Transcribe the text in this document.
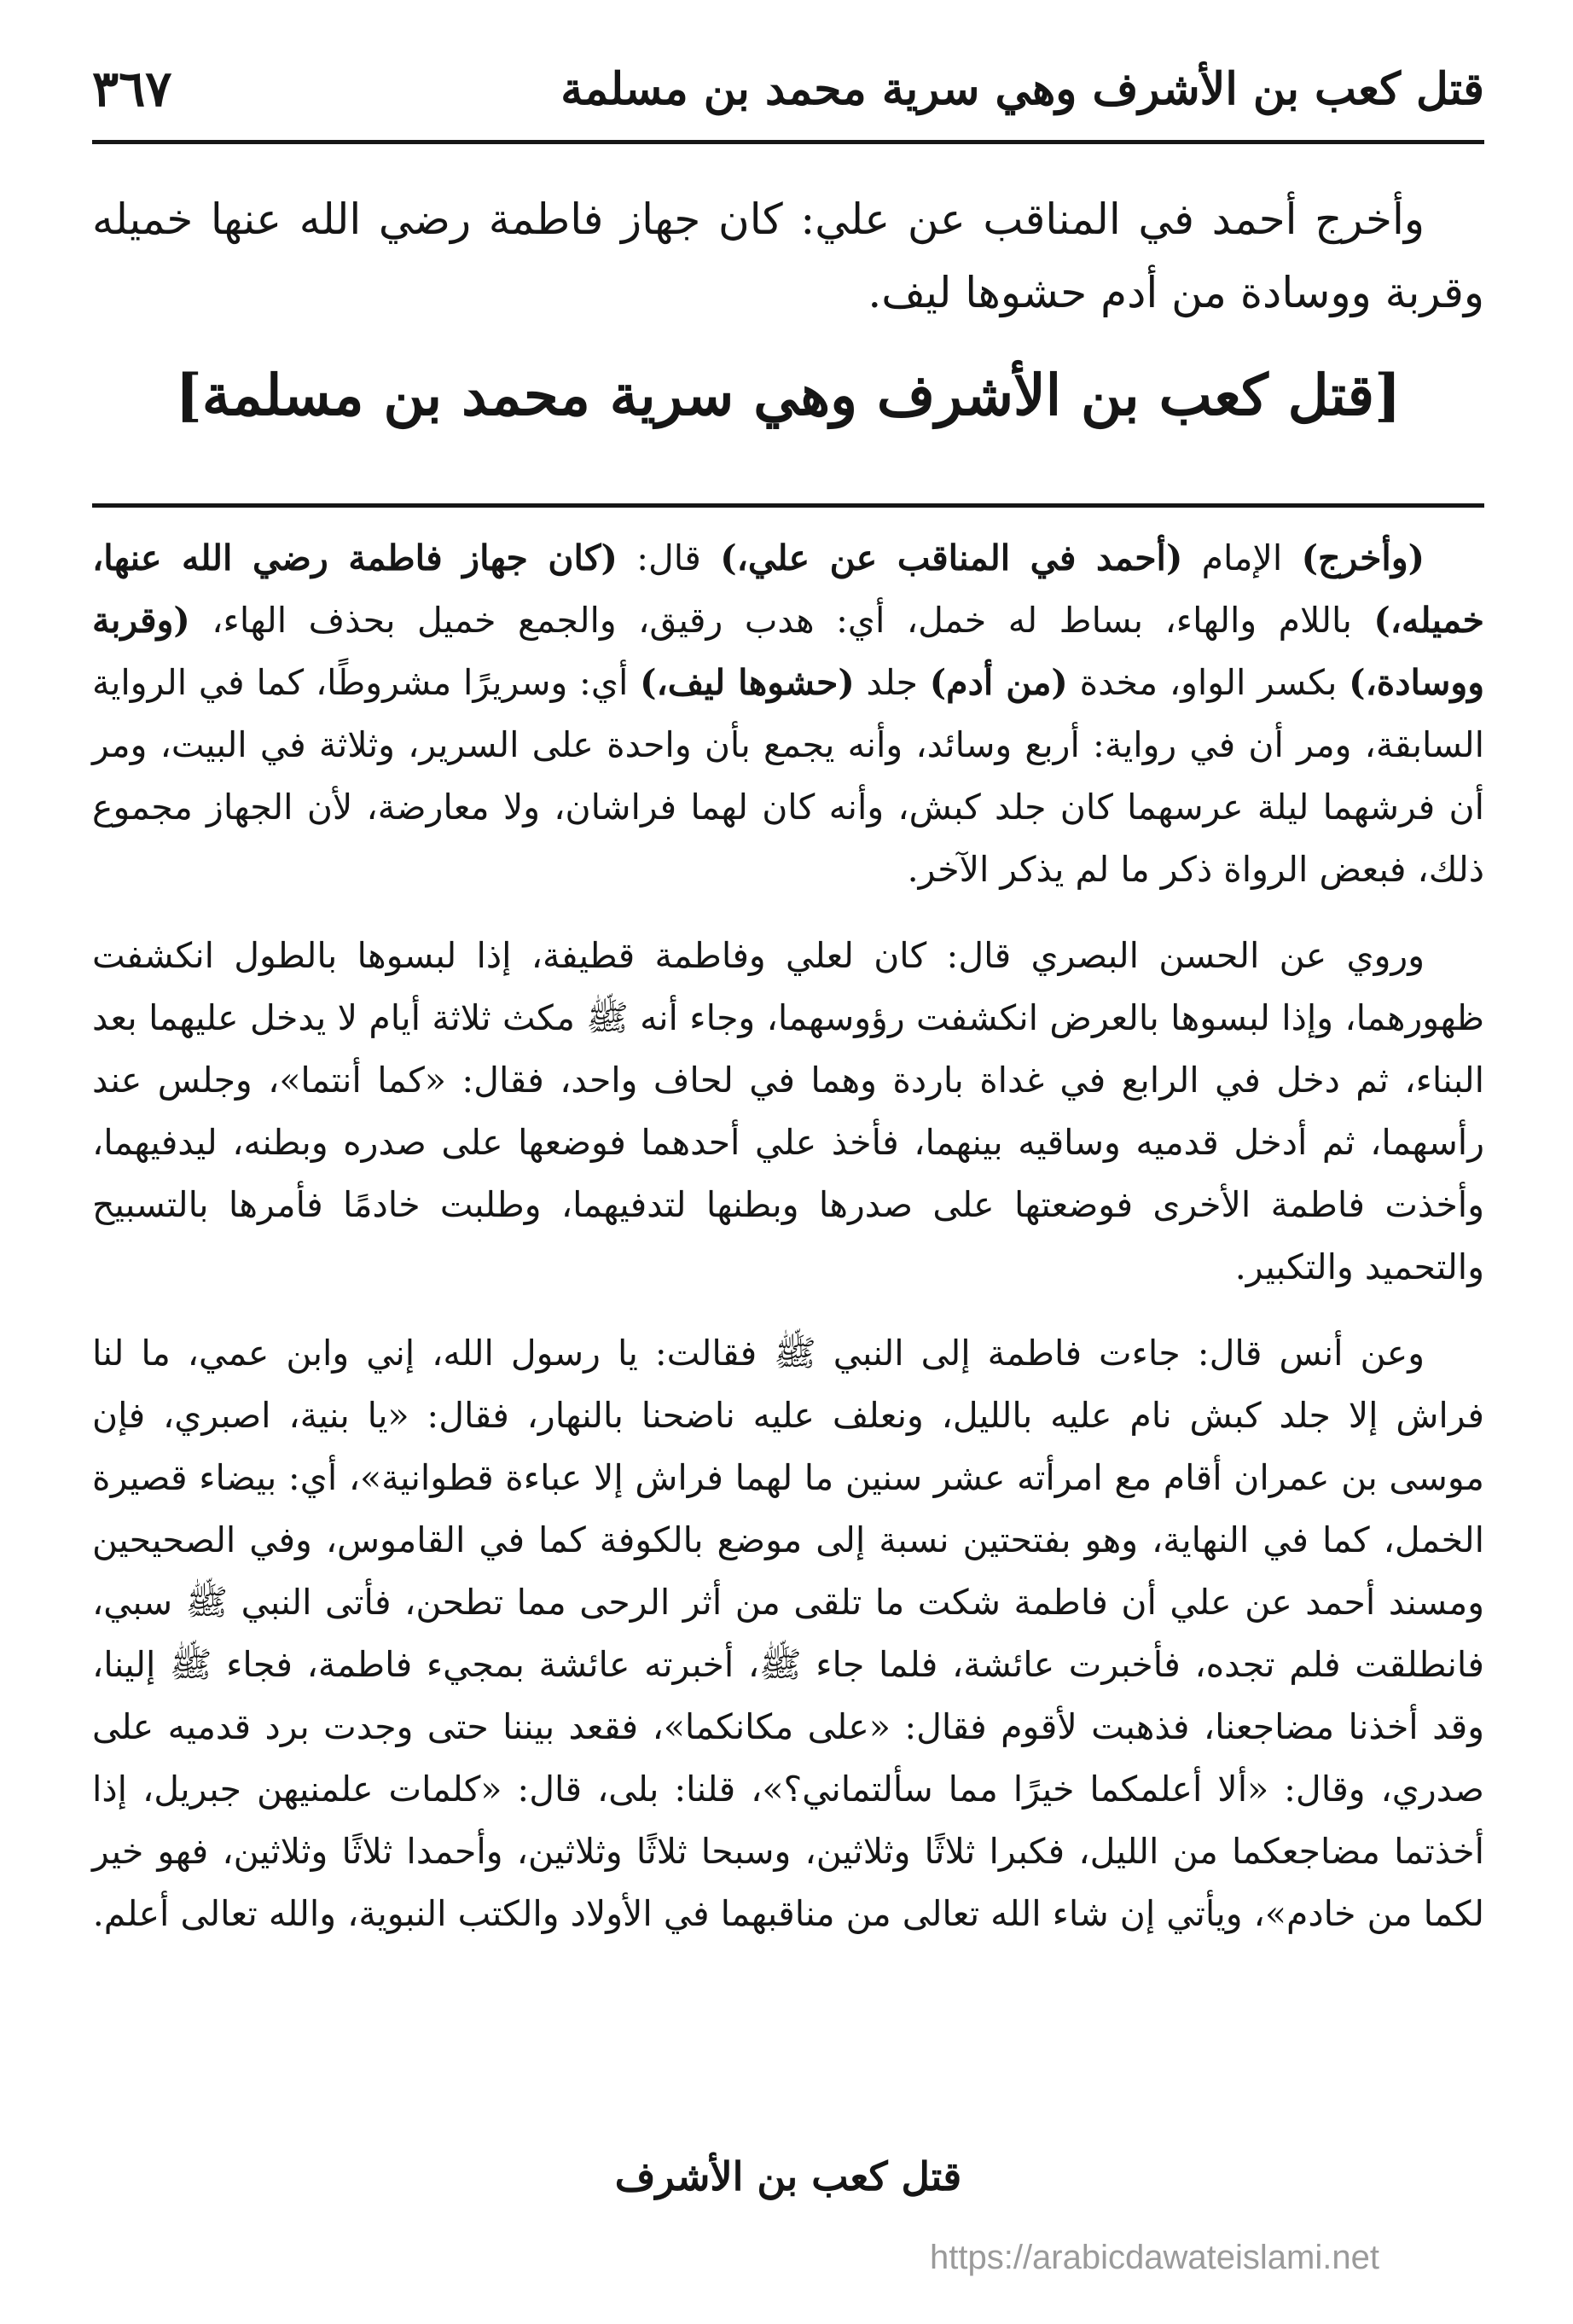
قتل كعب بن الأشرف وهي سرية محمد بن مسلمة
٣٦٧

وأخرج أحمد في المناقب عن علي: كان جهاز فاطمة رضي الله عنها خميله وقربة ووسادة من أدم حشوها ليف.

[قتل كعب بن الأشرف وهي سرية محمد بن مسلمة]

(وأخرج) الإمام (أحمد في المناقب عن علي،) قال: (كان جهاز فاطمة رضي الله عنها، خميله،) باللام والهاء، بساط له خمل، أي: هدب رقيق، والجمع خميل بحذف الهاء، (وقربة ووسادة،) بكسر الواو، مخدة (من أدم) جلد (حشوها ليف،) أي: وسريرًا مشروطًا، كما في الرواية السابقة، ومر أن في رواية: أربع وسائد، وأنه يجمع بأن واحدة على السرير، وثلاثة في البيت، ومر أن فرشهما ليلة عرسهما كان جلد كبش، وأنه كان لهما فراشان، ولا معارضة، لأن الجهاز مجموع ذلك، فبعض الرواة ذكر ما لم يذكر الآخر.

وروي عن الحسن البصري قال: كان لعلي وفاطمة قطيفة، إذا لبسوها بالطول انكشفت ظهورهما، وإذا لبسوها بالعرض انكشفت رؤوسهما، وجاء أنه ﷺ مكث ثلاثة أيام لا يدخل عليهما بعد البناء، ثم دخل في الرابع في غداة باردة وهما في لحاف واحد، فقال: «كما أنتما»، وجلس عند رأسهما، ثم أدخل قدميه وساقيه بينهما، فأخذ علي أحدهما فوضعها على صدره وبطنه، ليدفيهما، وأخذت فاطمة الأخرى فوضعتها على صدرها وبطنها لتدفيهما، وطلبت خادمًا فأمرها بالتسبيح والتحميد والتكبير.

وعن أنس قال: جاءت فاطمة إلى النبي ﷺ فقالت: يا رسول الله، إني وابن عمي، ما لنا فراش إلا جلد كبش نام عليه بالليل، ونعلف عليه ناضحنا بالنهار، فقال: «يا بنية، اصبري، فإن موسى بن عمران أقام مع امرأته عشر سنين ما لهما فراش إلا عباءة قطوانية»، أي: بيضاء قصيرة الخمل، كما في النهاية، وهو بفتحتين نسبة إلى موضع بالكوفة كما في القاموس، وفي الصحيحين ومسند أحمد عن علي أن فاطمة شكت ما تلقى من أثر الرحى مما تطحن، فأتى النبي ﷺ سبي، فانطلقت فلم تجده، فأخبرت عائشة، فلما جاء ﷺ، أخبرته عائشة بمجيء فاطمة، فجاء ﷺ إلينا، وقد أخذنا مضاجعنا، فذهبت لأقوم فقال: «على مكانكما»، فقعد بيننا حتى وجدت برد قدميه على صدري، وقال: «ألا أعلمكما خيرًا مما سألتماني؟»، قلنا: بلى، قال: «كلمات علمنيهن جبريل، إذا أخذتما مضاجعكما من الليل، فكبرا ثلاثًا وثلاثين، وسبحا ثلاثًا وثلاثين، وأحمدا ثلاثًا وثلاثين، فهو خير لكما من خادم»، ويأتي إن شاء الله تعالى من مناقبهما في الأولاد والكتب النبوية، والله تعالى أعلم.

قتل كعب بن الأشرف
https://arabicdawateislami.net
